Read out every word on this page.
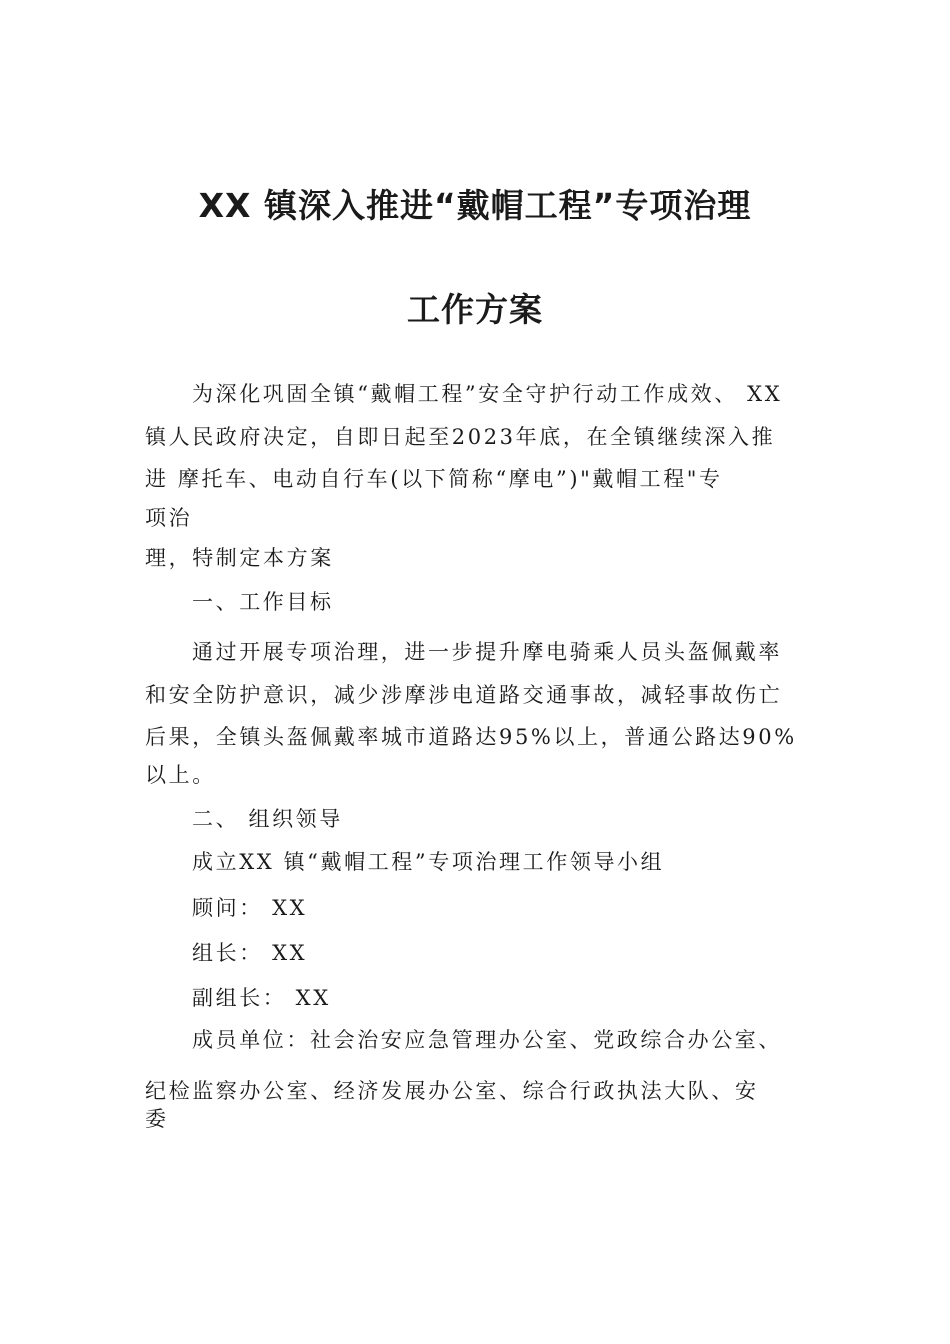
XX 镇深入推进“戴帽工程”专项治理
工作方案
为深化巩固全镇“戴帽工程”安全守护行动工作成效、 XX
镇人民政府决定，自即日起至2023年底，在全镇继续深入推
进 摩托车、电动自行车(以下简称“摩电”)"戴帽工程"专
项治
理，特制定本方案
一、工作目标
通过开展专项治理，进一步提升摩电骑乘人员头盔佩戴率
和安全防护意识，减少涉摩涉电道路交通事故，减轻事故伤亡
后果，全镇头盔佩戴率城市道路达95%以上，普通公路达90%
以上。
二、 组织领导
成立XX 镇“戴帽工程”专项治理工作领导小组
顾问： XX
组长： XX
副组长： XX
成员单位：社会治安应急管理办公室、党政综合办公室、
纪检监察办公室、经济发展办公室、综合行政执法大队、安
委
